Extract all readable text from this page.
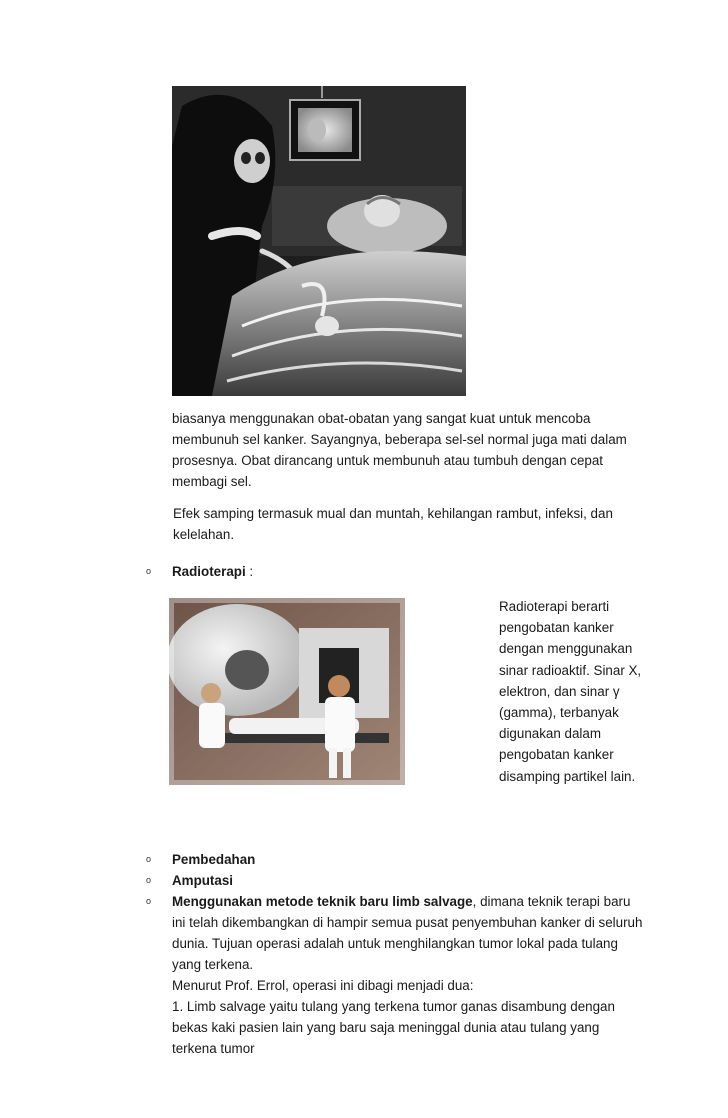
biasanya menggunakan obat-obatan yang sangat kuat untuk mencoba membunuh sel kanker. Sayangnya, beberapa sel-sel normal juga mati dalam prosesnya. Obat dirancang untuk membunuh atau tumbuh dengan cepat membagi sel.

Efek samping termasuk mual dan muntah, kehilangan rambut, infeksi, dan kelelahan.

o Radioterapi :

Radioterapi berarti pengobatan kanker dengan menggunakan sinar radioaktif. Sinar X, elektron, dan sinar γ (gamma), terbanyak digunakan dalam pengobatan kanker disamping partikel lain.

o Pembedahan

o Amputasi

o Menggunakan metode teknik baru limb salvage, dimana teknik terapi baru ini telah dikembangkan di hampir semua pusat penyembuhan kanker di seluruh dunia. Tujuan operasi adalah untuk menghilangkan tumor lokal pada tulang yang terkena.
Menurut Prof. Errol, operasi ini dibagi menjadi dua:
1. Limb salvage yaitu tulang yang terkena tumor ganas disambung dengan bekas kaki pasien lain yang baru saja meninggal dunia atau tulang yang terkena tumor
